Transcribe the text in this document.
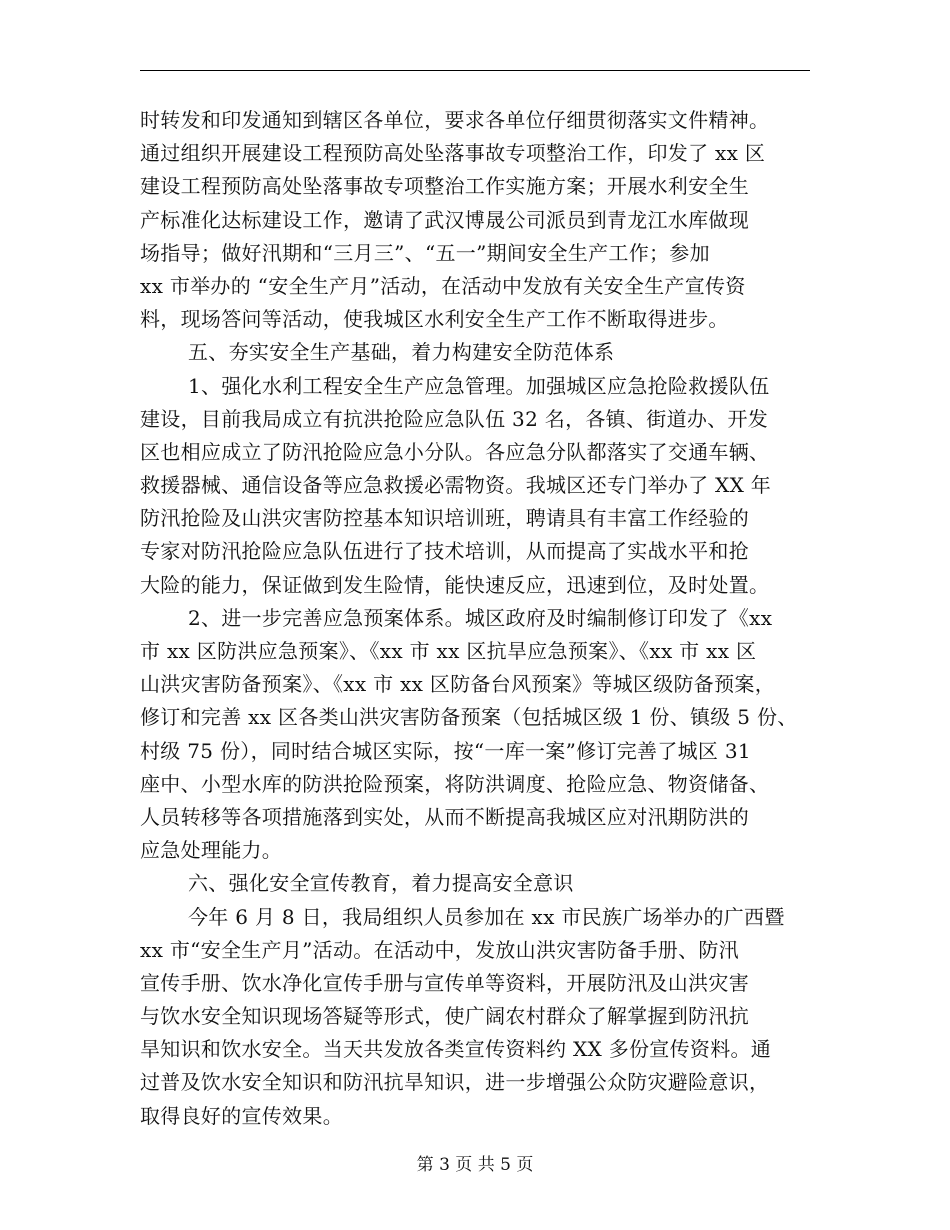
时转发和印发通知到辖区各单位，要求各单位仔细贯彻落实文件精神。
通过组织开展建设工程预防高处坠落事故专项整治工作，印发了 xx 区
建设工程预防高处坠落事故专项整治工作实施方案；开展水利安全生
产标准化达标建设工作，邀请了武汉博晟公司派员到青龙江水库做现
场指导；做好汛期和“三月三”、“五一”期间安全生产工作；参加
xx 市举办的 “安全生产月”活动，在活动中发放有关安全生产宣传资
料，现场答问等活动，使我城区水利安全生产工作不断取得进步。
五、夯实安全生产基础，着力构建安全防范体系
1、强化水利工程安全生产应急管理。加强城区应急抢险救援队伍
建设，目前我局成立有抗洪抢险应急队伍 32 名，各镇、街道办、开发
区也相应成立了防汛抢险应急小分队。各应急分队都落实了交通车辆、
救援器械、通信设备等应急救援必需物资。我城区还专门举办了 XX 年
防汛抢险及山洪灾害防控基本知识培训班，聘请具有丰富工作经验的
专家对防汛抢险应急队伍进行了技术培训，从而提高了实战水平和抢
大险的能力，保证做到发生险情，能快速反应，迅速到位，及时处置。
2、进一步完善应急预案体系。城区政府及时编制修订印发了《xx
市 xx 区防洪应急预案》、《xx 市 xx 区抗旱应急预案》、《xx 市 xx 区
山洪灾害防备预案》、《xx 市 xx 区防备台风预案》等城区级防备预案，
修订和完善 xx 区各类山洪灾害防备预案（包括城区级 1 份、镇级 5 份、
村级 75 份），同时结合城区实际，按“一库一案”修订完善了城区 31
座中、小型水库的防洪抢险预案，将防洪调度、抢险应急、物资储备、
人员转移等各项措施落到实处，从而不断提高我城区应对汛期防洪的
应急处理能力。
六、强化安全宣传教育，着力提高安全意识
今年 6 月 8 日，我局组织人员参加在 xx 市民族广场举办的广西暨
xx 市“安全生产月”活动。在活动中，发放山洪灾害防备手册、防汛
宣传手册、饮水净化宣传手册与宣传单等资料，开展防汛及山洪灾害
与饮水安全知识现场答疑等形式，使广阔农村群众了解掌握到防汛抗
旱知识和饮水安全。当天共发放各类宣传资料约 XX 多份宣传资料。通
过普及饮水安全知识和防汛抗旱知识，进一步增强公众防灾避险意识，
取得良好的宣传效果。
第 3 页 共 5 页
